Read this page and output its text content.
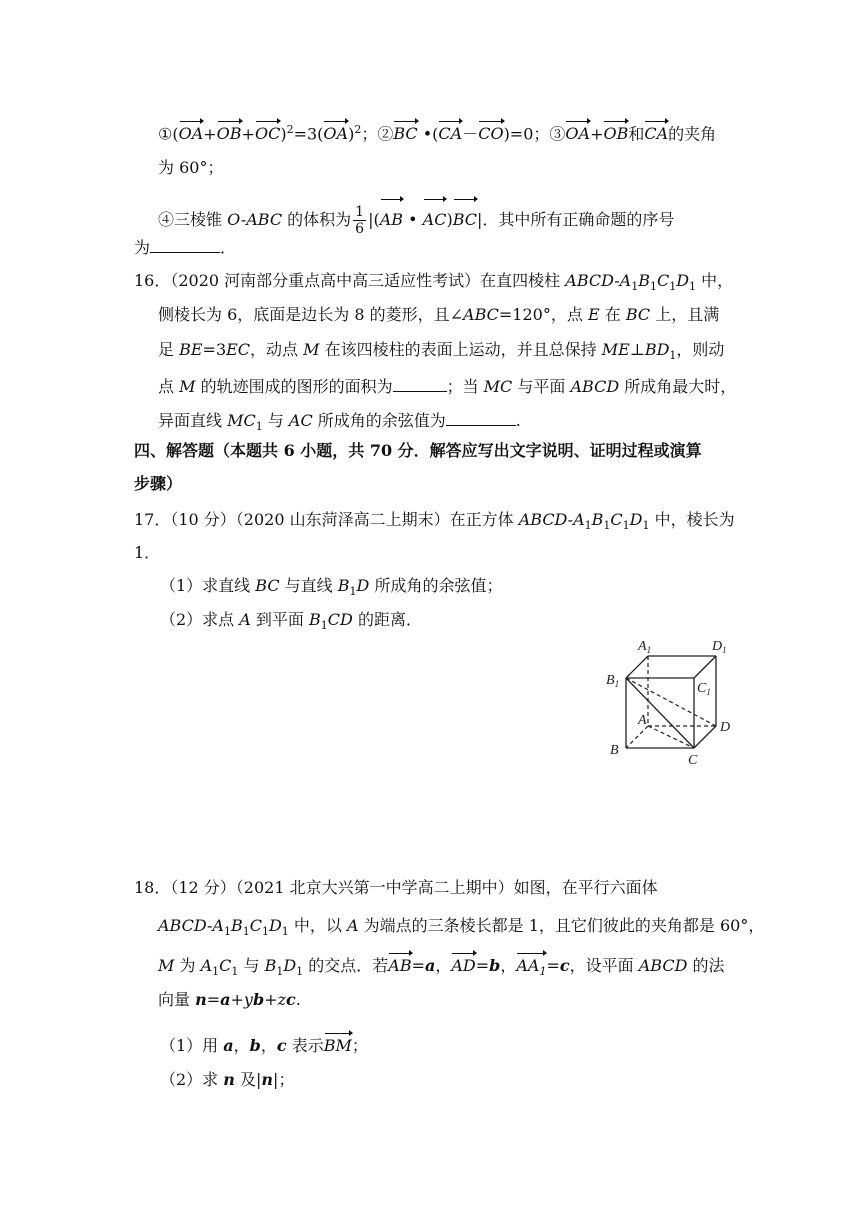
$①(OA+OB+OC)^2=3(OA)^2$；②BC •(CA－CO)=0；③OA+OB和CA的夹角
为 60°；
④三棱锥 O-ABC 的体积为 $\frac{1}{6} |(AB$ • AC)BC|．其中所有正确命题的序号
为	．
16．（2020 河南部分重点高中高三适应性考试）在直四棱柱 ABCD-$A_1B_1C_1D_1$ 中，
侧棱长为 6，底面是边长为 8 的菱形，且∠ABC=120°，点 E 在 BC 上，且满
足 BE=3EC，动点 M 在该四棱柱的表面上运动，并且总保持 $ME\perp BD_1$，则动
点 M 的轨迹围成的图形的面积为	；当 MC 与平面 ABCD 所成角最大时，
异面直线 $MC_1$ 与 AC 所成角的余弦值为	.
四、解答题（本题共 6 小题，共 70 分．解答应写出文字说明、证明过程或演算
步骤）
17．（10 分）（2020 山东菏泽高二上期末）在正方体 ABCD-$A_1B_1C_1D_1$ 中，棱长为
1．
（1）求直线 BC 与直线 $B_1D$ 所成角的余弦值；
（2）求点 A 到平面 $B_1CD$ 的距离．
$A_1$	$D_1$
$B_1$	$C_1$
A	D
B
C
18．（12 分）（2021 北京大兴第一中学高二上期中）如图，在平行六面体
ABCD-$A_1B_1C_1D_1$ 中，以 A 为端点的三条棱长都是 1，且它们彼此的夹角都是 60°，
M 为 $A_1C_1$ 与 $B_1D_1$ 的交点．若AB=a，AD=b，$AA_1=c$，设平面 ABCD 的法
向量 n=a+yb+zc.
（1）用 a，b，c 表示BM；
（2）求 n 及|n|；
